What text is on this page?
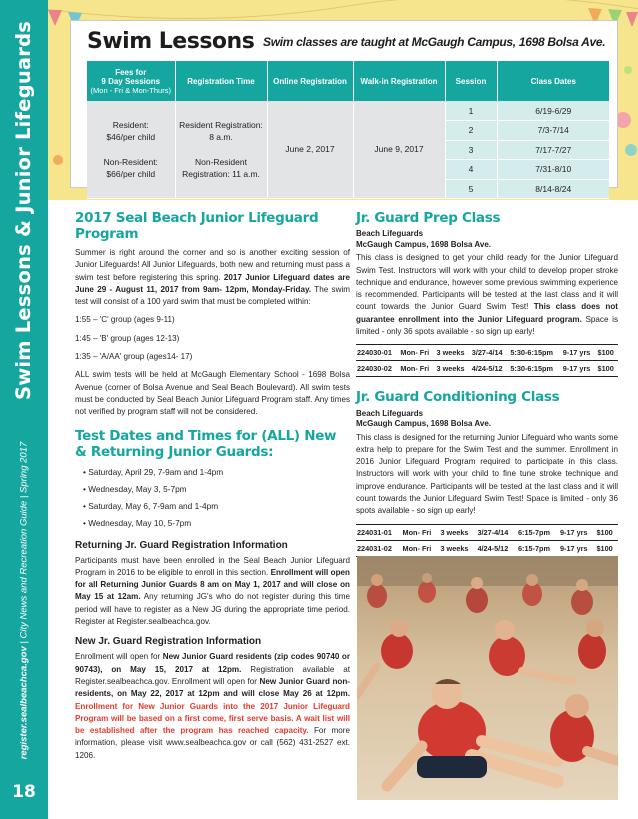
Swim Lessons & Junior Lifeguards
register.sealbeachca.gov | City News and Recreation Guide | Spring 2017
18
Swim Lessons Swim classes are taught at McGaugh Campus, 1698 Bolsa Ave.
Fees for
9 Day Sessions
(Mon - Fri & Mon-Thurs)	Registration Time	Online Registration	Walk-in Registration	Session	Class Dates
Resident:
$46/per child

Non-Resident:
$66/per child	Resident Registration:
8 a.m.

Non-Resident
Registration: 11 a.m.	June 2, 2017	June 9, 2017	1	6/19-6/29
				2	7/3-7/14
				3	7/17-7/27
				4	7/31-8/10
				5	8/14-8/24
2017 Seal Beach Junior Lifeguard Program

Summer is right around the corner and so is another exciting session of Junior Lifeguards! All Junior Lifeguards, both new and returning must pass a swim test before registering this spring. 2017 Junior Lifeguard dates are June 29 - August 11, 2017 from 9am- 12pm, Monday-Friday. The swim test will consist of a 100 yard swim that must be completed within:

1:55 – 'C' group (ages 9-11)

1:45 – 'B' group (ages 12-13)

1:35 – 'A/AA' group (ages14- 17)

ALL swim tests will be held at McGaugh Elementary School - 1698 Bolsa Avenue (corner of Bolsa Avenue and Seal Beach Boulevard). All swim tests must be conducted by Seal Beach Junior Lifeguard Program staff. Any times not verified by program staff will not be considered.

Test Dates and Times for (ALL) New & Returning Junior Guards:
• Saturday, April 29, 7-9am and 1-4pm
• Wednesday, May 3, 5-7pm
• Saturday, May 6, 7-9am and 1-4pm
• Wednesday, May 10, 5-7pm
Returning Jr. Guard Registration Information

Participants must have been enrolled in the Seal Beach Junior Lifeguard Program in 2016 to be eligible to enroll in this section. Enrollment will open for all Returning Junior Guards 8 am on May 1, 2017 and will close on May 15 at 12am. Any returning JG's who do not register during this time period will have to register as a New JG during the appropriate time period. Register at Register.sealbeachca.gov.

New Jr. Guard Registration Information

Enrollment will open for New Junior Guard residents (zip codes 90740 or 90743), on May 15, 2017 at 12pm. Registration available at Register.sealbeachca.gov. Enrollment will open for New Junior Guard non-residents, on May 22, 2017 at 12pm and will close May 26 at 12pm. Enrollment for New Junior Guards into the 2017 Junior Lifeguard Program will be based on a first come, first serve basis. A wait list will be established after the program has reached capacity. For more information, please visit www.sealbeachca.gov or call (562) 431-2527 ext. 1206.

Jr. Guard Prep Class
Beach Lifeguards
McGaugh Campus, 1698 Bolsa Ave.

This class is designed to get your child ready for the Junior Lifeguard Swim Test. Instructors will work with your child to develop proper stroke technique and endurance, however some previous swimming experience is recommended. Participants will be tested at the last class and it will count towards the Junior Guard Swim Test! This class does not guarantee enrollment into the Junior Lifeguard program. Space is limited - only 36 spots available - so sign up early!

224030-01	Mon- Fri	3 weeks	3/27-4/14	5:30-6:15pm	9-17 yrs	$100
224030-02	Mon- Fri	3 weeks	4/24-5/12	5:30-6:15pm	9-17 yrs	$100
Jr. Guard Conditioning Class
Beach Lifeguards
McGaugh Campus, 1698 Bolsa Ave.

This class is designed for the returning Junior Lifeguard who wants some extra help to prepare for the Swim Test and the summer. Enrollment in 2016 Junior Lifeguard Program required to participate in this class. Instructors will work with your child to fine tune stroke technique and improve endurance. Participants will be tested at the last class and it will count towards the Junior Lifeguard Swim Test! Space is limited - only 36 spots available - so sign up early!

224031-01	Mon- Fri	3 weeks	3/27-4/14	6:15-7pm	9-17 yrs	$100
224031-02	Mon- Fri	3 weeks	4/24-5/12	6:15-7pm	9-17 yrs	$100
